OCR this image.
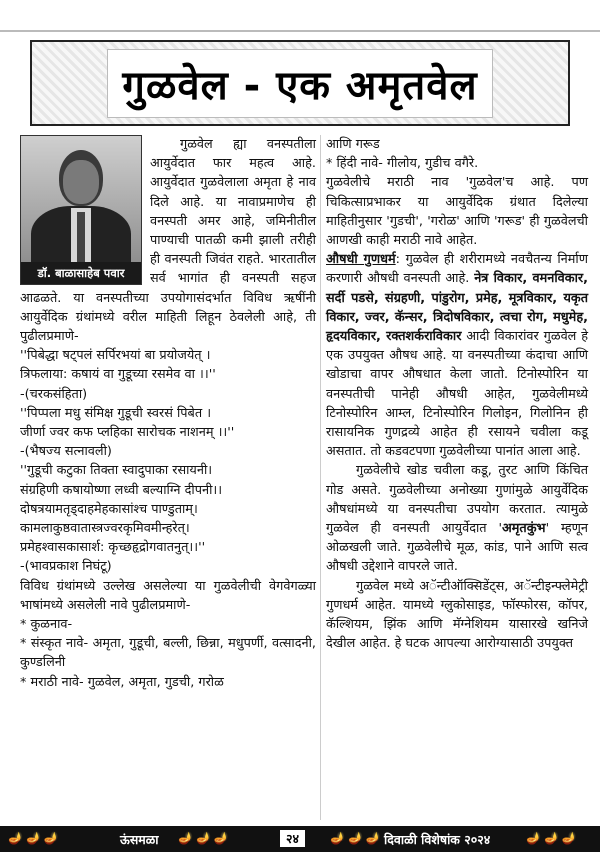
गुळवेल - एक अमृतवेल
डॉ. बाळासाहेब पवार

गुळवेल ह्या वनस्पतीला आयुर्वेदात फार महत्व आहे. आयुर्वेदात गुळवेलाला अमृता हे नाव दिले आहे. या नावाप्रमाणेच ही वनस्पती अमर आहे, जमिनीतील पाण्याची पातळी कमी झाली तरीही ही वनस्पती जिवंत राहते. भारतातील सर्व भागांत ही वनस्पती सहज आढळते. या वनस्पतीच्या उपयोगासंदर्भात विविध ऋषींनी आयुर्वेदिक ग्रंथांमध्ये वरील माहिती लिहून ठेवलेली आहे, ती पुढीलप्रमाणे-

''पिबेद्धा षट्पलं सर्पिरभयां बा प्रयोजयेत् ।

त्रिफलाया: कषायं वा गुडूच्या रसमेव वा ।।''

-(चरकसंहिता)

''पिप्पला मधु संमिक्ष गुडूची स्वरसं पिबेत ।

जीर्णा ज्वर कफ प्लहिका सारोचक नाशनम् ।।''

-(भैषज्य सत्नावली)

''गुडूची कटुका तिक्ता स्वादुपाका रसायनी।

संग्रहिणी कषायोष्णा लध्वी बल्याग्नि दीपनी।।

दोषत्रयामतृड्दाहमेहकासांश्च पाण्डुताम्।

कामलाकुष्ठवातास्त्रज्वरकृमिवमीन्हरेत्।

प्रमेहश्वासकासार्श: कृच्छहृद्रोगवातनुत्।।''

-(भावप्रकाश निघंटू)

विविध ग्रंथांमध्ये उल्लेख असलेल्या या गुळवेलीची वेगवेगळ्या भाषांमध्ये असलेली नावे पुढीलप्रमाणे-

* कुळनाव-

* संस्कृत नावे- अमृता, गुडूची, बल्ली, छिन्ना, मधुपर्णी, वत्सादनी, कुण्डलिनी

* मराठी नावे- गुळवेल, अमृता, गुडची, गरोळ

आणि गरूड

* हिंदी नावे- गीलोय, गुडीच वगैरे.

गुळवेलीचे मराठी नाव 'गुळवेल'च आहे. पण चिकित्साप्रभाकर या आयुर्वेदिक ग्रंथात दिलेल्या माहितीनुसार 'गुडची', 'गरोळ' आणि 'गरूड' ही गुळवेलची आणखी काही मराठी नावे आहेत.

औषधी गुणधर्म: गुळवेल ही शरीरामध्ये नवचैतन्य निर्माण करणारी औषधी वनस्पती आहे. नेत्र विकार, वमनविकार, सर्दी पडसे, संग्रहणी, पांडुरोग, प्रमेह, मूत्रविकार, यकृत विकार, ज्वर, कॅन्सर, त्रिदोषविकार, त्वचा रोग, मधुमेह, हृदयविकार, रक्तशर्कराविकार आदी विकारांवर गुळवेल हे एक उपयुक्त औषध आहे. या वनस्पतीच्या कंदाचा आणि खोडाचा वापर औषधात केला जातो. टिनोस्पोरिन या वनस्पतीची पानेही औषधी आहेत, गुळवेलीमध्ये टिनोस्पोरिन आम्ल, टिनोस्पोरिन गिलोइन, गिलोनिन ही रासायनिक गुणद्रव्ये आहेत ही रसायने चवीला कडू असतात. तो कडवटपणा गुळवेलीच्या पानांत आला आहे.

गुळवेलीचे खोड चवीला कडू, तुरट आणि किंचित गोड असते. गुळवेलीच्या अनोख्या गुणांमुळे आयुर्वेदिक औषधांमध्ये या वनस्पतीचा उपयोग करतात. त्यामुळे गुळवेल ही वनस्पती आयुर्वेदात 'अमृतकुंभ' म्हणून ओळखली जाते. गुळवेलीचे मूळ, कांड, पाने आणि सत्व औषधी उद्देशाने वापरले जाते.

गुळवेल मध्ये अॅन्टीऑक्सिडेंट्स, अॅन्टीइन्फ्लेमेट्री गुणधर्म आहेत. यामध्ये ग्लुकोसाइड, फॉस्फोरस, कॉपर, कॅल्शियम, झिंक आणि मॅग्नेशियम यासारखे खनिजे देखील आहेत. हे घटक आपल्या आरोग्यासाठी उपयुक्त

🪔🪔🪔	ऊंसमळा 🪔🪔🪔	२४	🪔🪔🪔 दिवाळी विशेषांक २०२४	🪔🪔🪔
